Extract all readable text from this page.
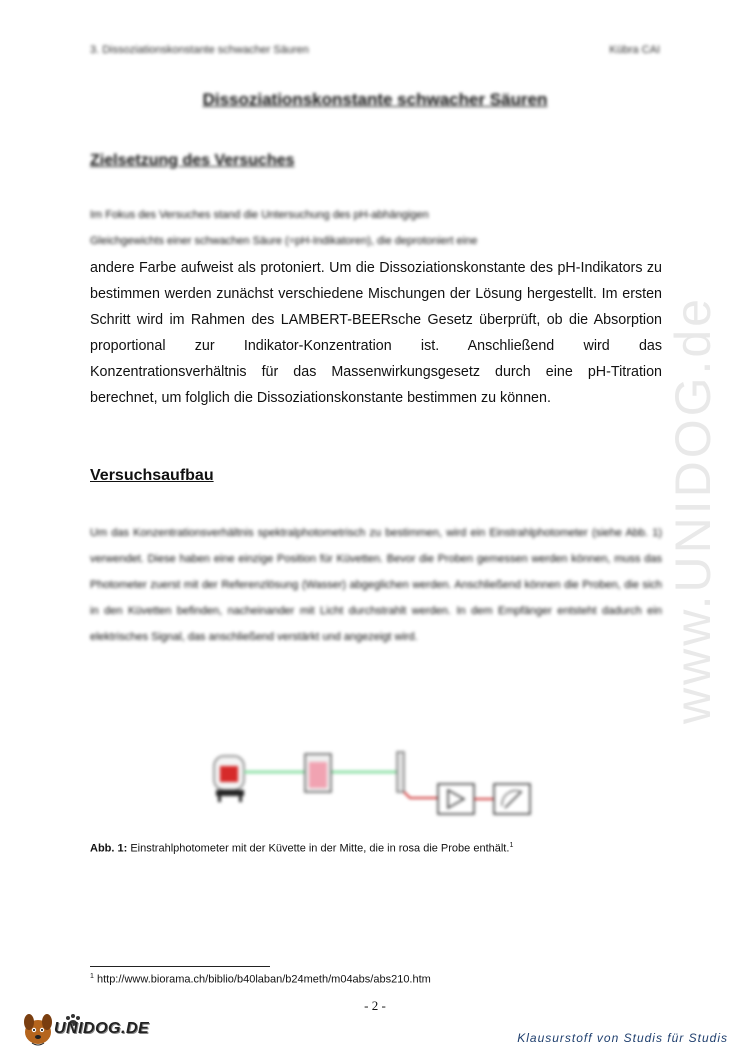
www.UNIDOG.de
3. Dissoziationskonstante schwacher Säuren	Kübra CAI
Dissoziationskonstante schwacher Säuren
Zielsetzung des Versuches
Im Fokus des Versuches stand die Untersuchung des pH-abhängigen
Gleichgewichts einer schwachen Säure (=pH-Indikatoren), die deprotoniert eine
andere Farbe aufweist als protoniert. Um die Dissoziationskonstante des pH-Indikators zu bestimmen werden zunächst verschiedene Mischungen der Lösung hergestellt. Im ersten Schritt wird im Rahmen des LAMBERT-BEERsche Gesetz überprüft, ob die Absorption proportional zur Indikator-Konzentration ist. Anschließend wird das Konzentrationsverhältnis für das Massenwirkungsgesetz durch eine pH-Titration berechnet, um folglich die Dissoziationskonstante bestimmen zu können.
Versuchsaufbau
Um das Konzentrationsverhältnis spektralphotometrisch zu bestimmen, wird ein Einstrahlphotometer (siehe Abb. 1) verwendet. Diese haben eine einzige Position für Küvetten. Bevor die Proben gemessen werden können, muss das Photometer zuerst mit der Referenzlösung (Wasser) abgeglichen werden. Anschließend können die Proben, die sich in den Küvetten befinden, nacheinander mit Licht durchstrahlt werden. In dem Empfänger entsteht dadurch ein elektrisches Signal, das anschließend verstärkt und angezeigt wird.
Abb. 1: Einstrahlphotometer mit der Küvette in der Mitte, die in rosa die Probe enthält.$^1$
$^1$ http://www.biorama.ch/biblio/b40laban/b24meth/m04abs/abs210.htm
- 2 -
UNIDOG.DE
Klausurstoff von Studis für Studis
